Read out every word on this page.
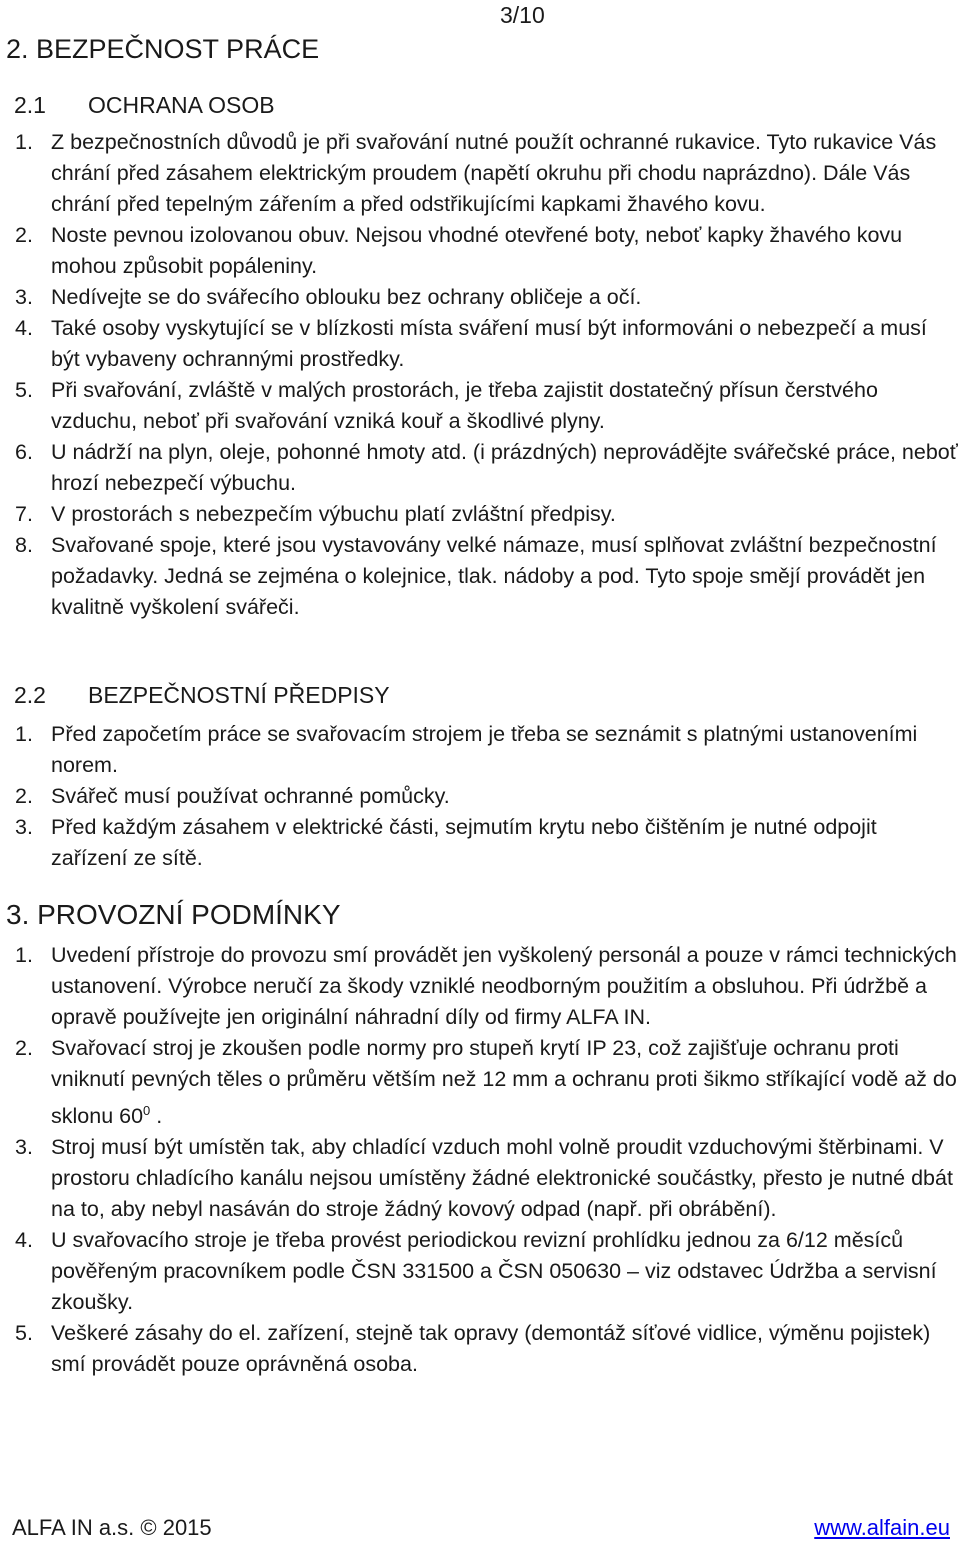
3/10
2. BEZPEČNOST PRÁCE
2.1 OCHRANA OSOB
1. Z bezpečnostních důvodů je při svařování nutné použít ochranné rukavice. Tyto rukavice Vás chrání před zásahem elektrickým proudem (napětí okruhu při chodu naprázdno). Dále Vás chrání před tepelným zářením a před odstřikujícími kapkami žhavého kovu.
2. Noste pevnou izolovanou obuv. Nejsou vhodné otevřené boty, neboť kapky žhavého kovu mohou způsobit popáleniny.
3. Nedívejte se do svářecího oblouku bez ochrany obličeje a očí.
4. Také osoby vyskytující se v blízkosti místa sváření musí být informováni o nebezpečí a musí být vybaveny ochrannými prostředky.
5. Při svařování, zvláště v malých prostorách, je třeba zajistit dostatečný přísun čerstvého vzduchu, neboť při svařování vzniká kouř a škodlivé plyny.
6. U nádrží na plyn, oleje, pohonné hmoty atd. (i prázdných) neprovádějte svářečské práce, neboť hrozí nebezpečí výbuchu.
7. V prostorách s nebezpečím výbuchu platí zvláštní předpisy.
8. Svařované spoje, které jsou vystavovány velké námaze, musí splňovat zvláštní bezpečnostní požadavky. Jedná se zejména o kolejnice, tlak. nádoby a pod. Tyto spoje smějí provádět jen kvalitně vyškolení svářeči.
2.2 BEZPEČNOSTNÍ PŘEDPISY
1. Před započetím práce se svařovacím strojem je třeba se seznámit s platnými ustanoveními norem.
2. Svářeč musí používat ochranné pomůcky.
3. Před každým zásahem v elektrické části, sejmutím krytu nebo čištěním je nutné odpojit zařízení ze sítě.
3. PROVOZNÍ PODMÍNKY
1. Uvedení přístroje do provozu smí provádět jen vyškolený personál a pouze v rámci technických ustanovení. Výrobce neručí za škody vzniklé neodborným použitím a obsluhou. Při údržbě a opravě používejte jen originální náhradní díly od firmy ALFA IN.
2. Svařovací stroj je zkoušen podle normy pro stupeň krytí IP 23, což zajišťuje ochranu proti vniknutí pevných těles o průměru větším než 12 mm a ochranu proti šikmo stříkající vodě až do sklonu $60^0$ .
3. Stroj musí být umístěn tak, aby chladící vzduch mohl volně proudit vzduchovými štěrbinami. V prostoru chladícího kanálu nejsou umístěny žádné elektronické součástky, přesto je nutné dbát na to, aby nebyl nasáván do stroje žádný kovový odpad (např. při obrábění).
4. U svařovacího stroje je třeba provést periodickou revizní prohlídku jednou za 6/12 měsíců pověřeným pracovníkem podle ČSN 331500 a ČSN 050630 – viz odstavec Údržba a servisní zkoušky.
5. Veškeré zásahy do el. zařízení, stejně tak opravy (demontáž síťové vidlice, výměnu pojistek) smí provádět pouze oprávněná osoba.
ALFA IN a.s. © 2015	www.alfain.eu
